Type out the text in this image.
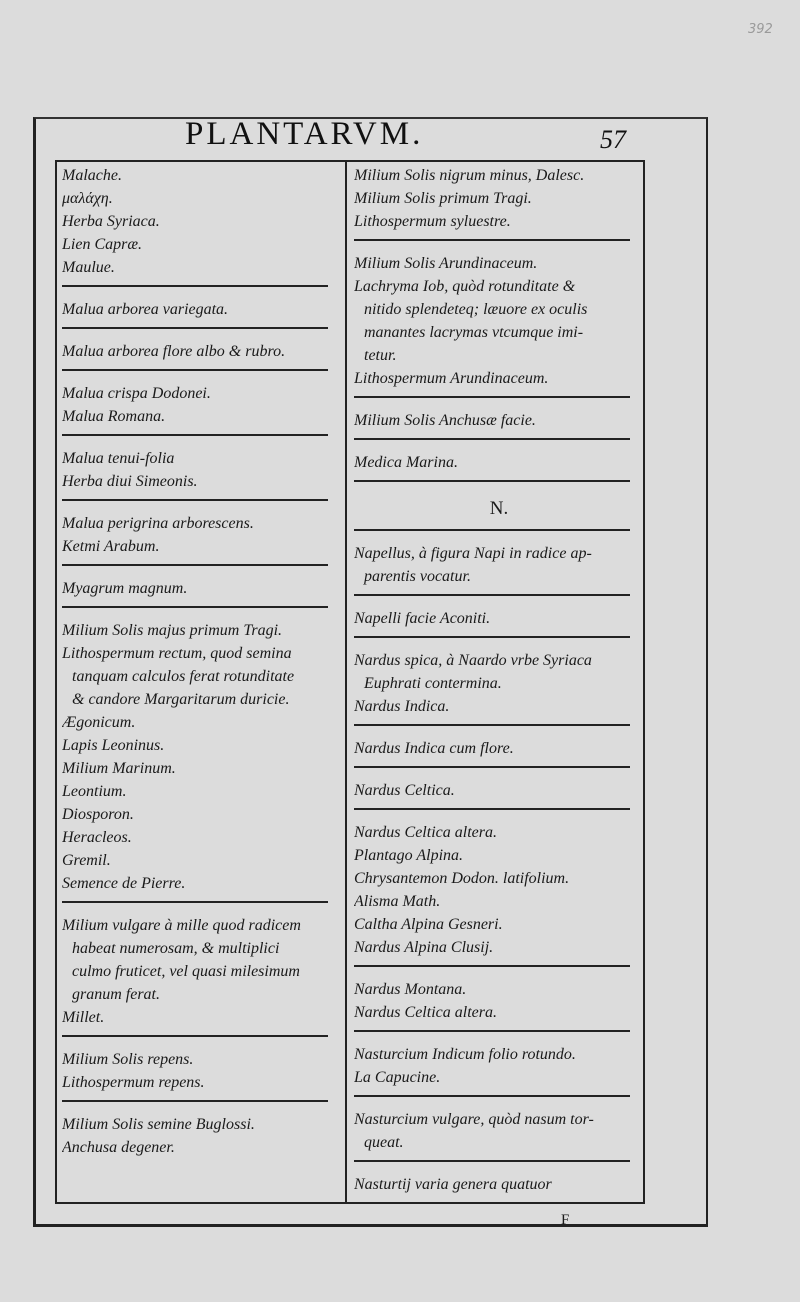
392
PLANTARVM.	57
Malache.
μαλάχη.
Herba Syriaca.
Lien Capræ.
Maulue.
Malua arborea variegata.
Malua arborea flore albo & rubro.
Malua crispa Dodonei.
Malua Romana.
Malua tenui-folia
Herba diui Simeonis.
Malua perigrina arborescens.
Ketmi Arabum.
Myagrum magnum.
Milium Solis majus primum Tragi.
Lithospermum rectum, quod semina
tanquam calculos ferat rotunditate
& candore Margaritarum duricie.
Ægonicum.
Lapis Leoninus.
Milium Marinum.
Leontium.
Diosporon.
Heracleos.
Gremil.
Semence de Pierre.
Milium vulgare à mille quod radicem
habeat numerosam, & multiplici
culmo fruticet, vel quasi milesimum
granum ferat.
Millet.
Milium Solis repens.
Lithospermum repens.
Milium Solis semine Buglossi.
Anchusa degener.
Milium Solis nigrum minus, Dalesc.
Milium Solis primum Tragi.
Lithospermum syluestre.
Milium Solis Arundinaceum.
Lachryma Iob, quòd rotunditate &
nitido splendeteq; læuore ex oculis
manantes lacrymas vtcumque imi-
tetur.
Lithospermum Arundinaceum.
Milium Solis Anchusæ facie.
Medica Marina.
N.
Napellus, à figura Napi in radice ap-
parentis vocatur.
Napelli facie Aconiti.
Nardus spica, à Naardo vrbe Syriaca
Euphrati contermina.
Nardus Indica.
Nardus Indica cum flore.
Nardus Celtica.
Nardus Celtica altera.
Plantago Alpina.
Chrysantemon Dodon. latifolium.
Alisma Math.
Caltha Alpina Gesneri.
Nardus Alpina Clusij.
Nardus Montana.
Nardus Celtica altera.
Nasturcium Indicum folio rotundo.
La Capucine.
Nasturcium vulgare, quòd nasum tor-
queat.
Nasturtij varia genera quatuor
F
